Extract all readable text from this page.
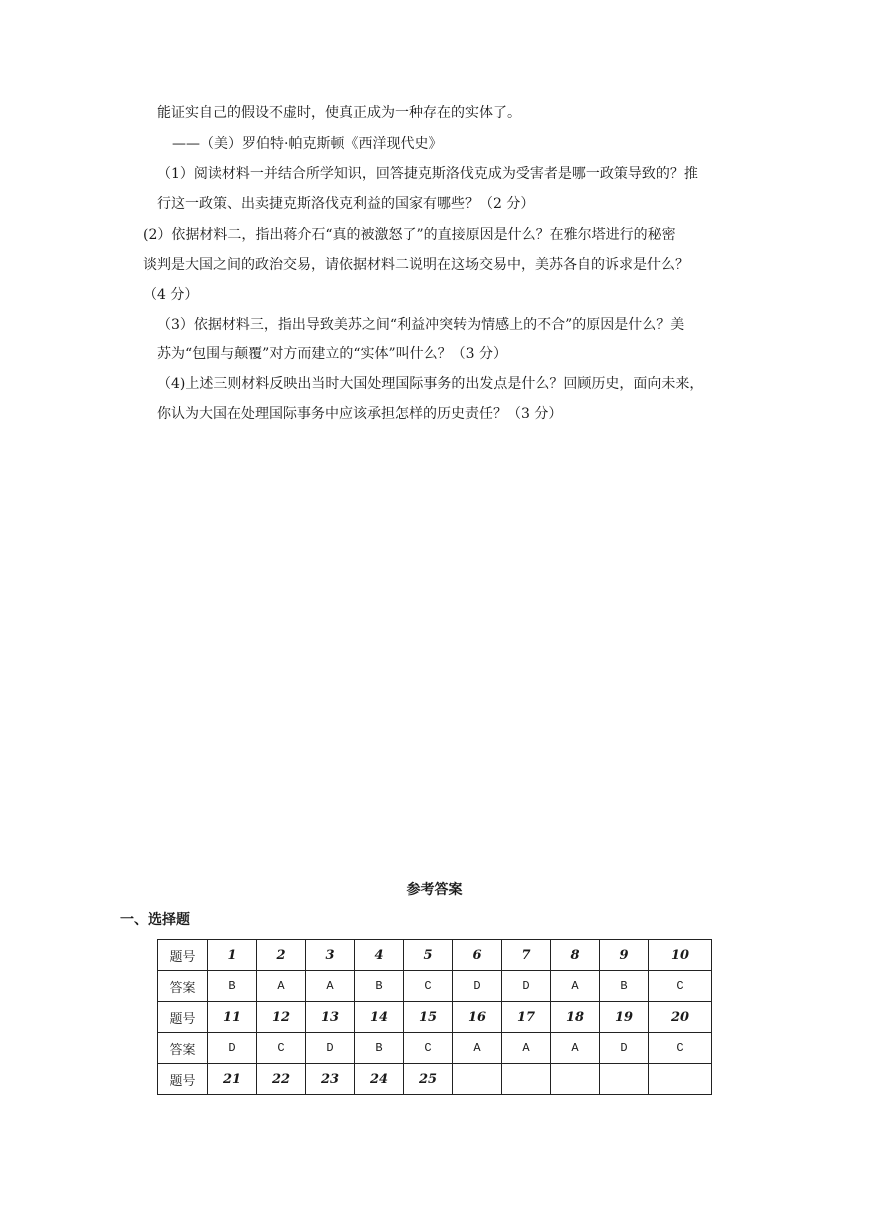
能证实自己的假设不虚时，使真正成为一种存在的实体了。
——（美）罗伯特·帕克斯顿《西洋现代史》
（1）阅读材料一并结合所学知识，回答捷克斯洛伐克成为受害者是哪一政策导致的？推
行这一政策、出卖捷克斯洛伐克利益的国家有哪些？（2 分）
(2）依据材料二，指出蒋介石“真的被激怒了”的直接原因是什么？在雅尔塔进行的秘密
谈判是大国之间的政治交易，请依据材料二说明在这场交易中，美苏各自的诉求是什么？
（4 分）
（3）依据材料三，指出导致美苏之间“利益冲突转为情感上的不合”的原因是什么？美
苏为“包围与颠覆”对方而建立的“实体”叫什么？（3 分）
（4)上述三则材料反映出当时大国处理国际事务的出发点是什么？回顾历史，面向未来，
你认为大国在处理国际事务中应该承担怎样的历史责任？（3 分）
参考答案
一、选择题
题号	1	2	3	4	5	6	7	8	9	10
答案	B	A	A	B	C	D	D	A	B	C
题号	11	12	13	14	15	16	17	18	19	20
答案	D	C	D	B	C	A	A	A	D	C
题号	21	22	23	24	25					
